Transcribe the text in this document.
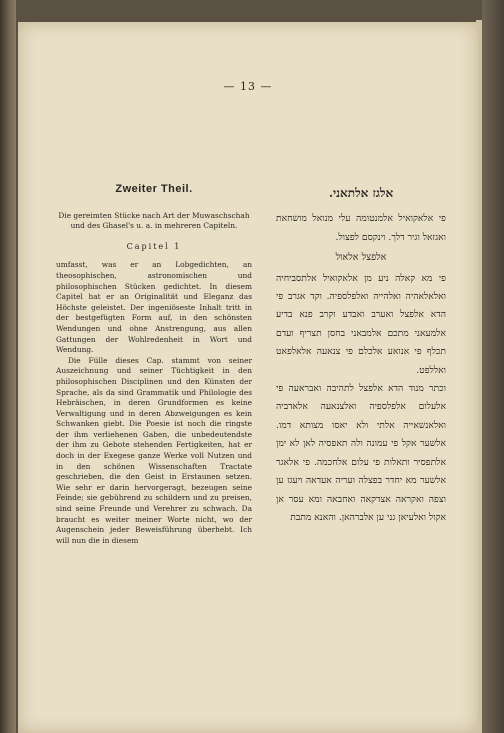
— 13 —
Zweiter Theil.
Die gereimten Stücke nach Art der Muwaschschah und des Ghasel's u. a. in mehreren Capiteln.
Capitel 1

umfasst, was er an Lobgedichten, an theosophischen, astronomischen und philosophischen Stücken gedichtet. In diesem Capitel hat er an Originalität und Eleganz das Höchste geleistet. Der ingeniöseste Inhalt tritt in der bestgefügten Form auf, in den schönsten Wendungen und ohne Anstrengung, aus allen Gattungen der Wohlredenheit in Wort und Wendung.

Die Fülle dieses Cap. stammt von seiner Auszeichnung und seiner Tüchtigkeit in den philosophischen Disciplinen und den Künsten der Sprache, als da sind Grammatik und Philologie des Hebräischen, in deren Grundformen es keine Verwaltigung und in deren Abzweigungen es kein Schwanken giebt. Die Poesie ist noch die ringste der ihm verliehenen Gaben, die unbedeutendste der ihm zu Gebote stehenden Fertigkeiten, hat er doch in der Exegese ganze Werke voll Nutzen und in den schönen Wissenschaften Tractate geschrieben, die den Geist in Erstaunen setzen. Wie sehr er darin hervorgeragt, bezeugen seine Feinde; sie gebührend zu schildern und zu preisen, sind seine Freunde und Verehrer zu schwach. Da braucht es weiter meiner Worte nicht, wo der Augenschein jeder Beweisführung überhebt. Ich will nun die in diesem

אלגז אלתאני.
פי אלאקואיל אלמנטומה עלי מנואל מושחאת ואגזאל וגיר דלך. וינקסם לפצול.
אלפצל אלאול
פי מא קאלה ניע מן אלאקואיל אלתסביחיה ואלאלאהיה ואלהייה ואלפלספיה. וקד אגרב פי הדא אלפצל ואערב ואבדע וקרב פנא בדיע אלמעאני מתכם אלמבאני בחסן תצריף ועדם תכלף פי אנואע אלכלם פי צנאעה אלאלפאט ואללפט.
וכתר מנוד הדא אלפצל לתהיבה ואבראעה פי אלעלום אלפלספיה ואלצנאעה אלאדביה ואלאנשאייה אלתי ולא יאסו מצותא דמו. אלשער אקל פי עמונה ולה תאפסיה לאן לא ימן אלתפסיר ותאלות פי עלום אלחכמה. פי אלאגר אלשער מא יחדר בפצלה ועריה אעדאה ויעגז ען וצפה ואקראה אצדקאה ואחבאה ומא עסר אן אקול ואלעיאן גני ען אלברהאן. והאנא מתבת
